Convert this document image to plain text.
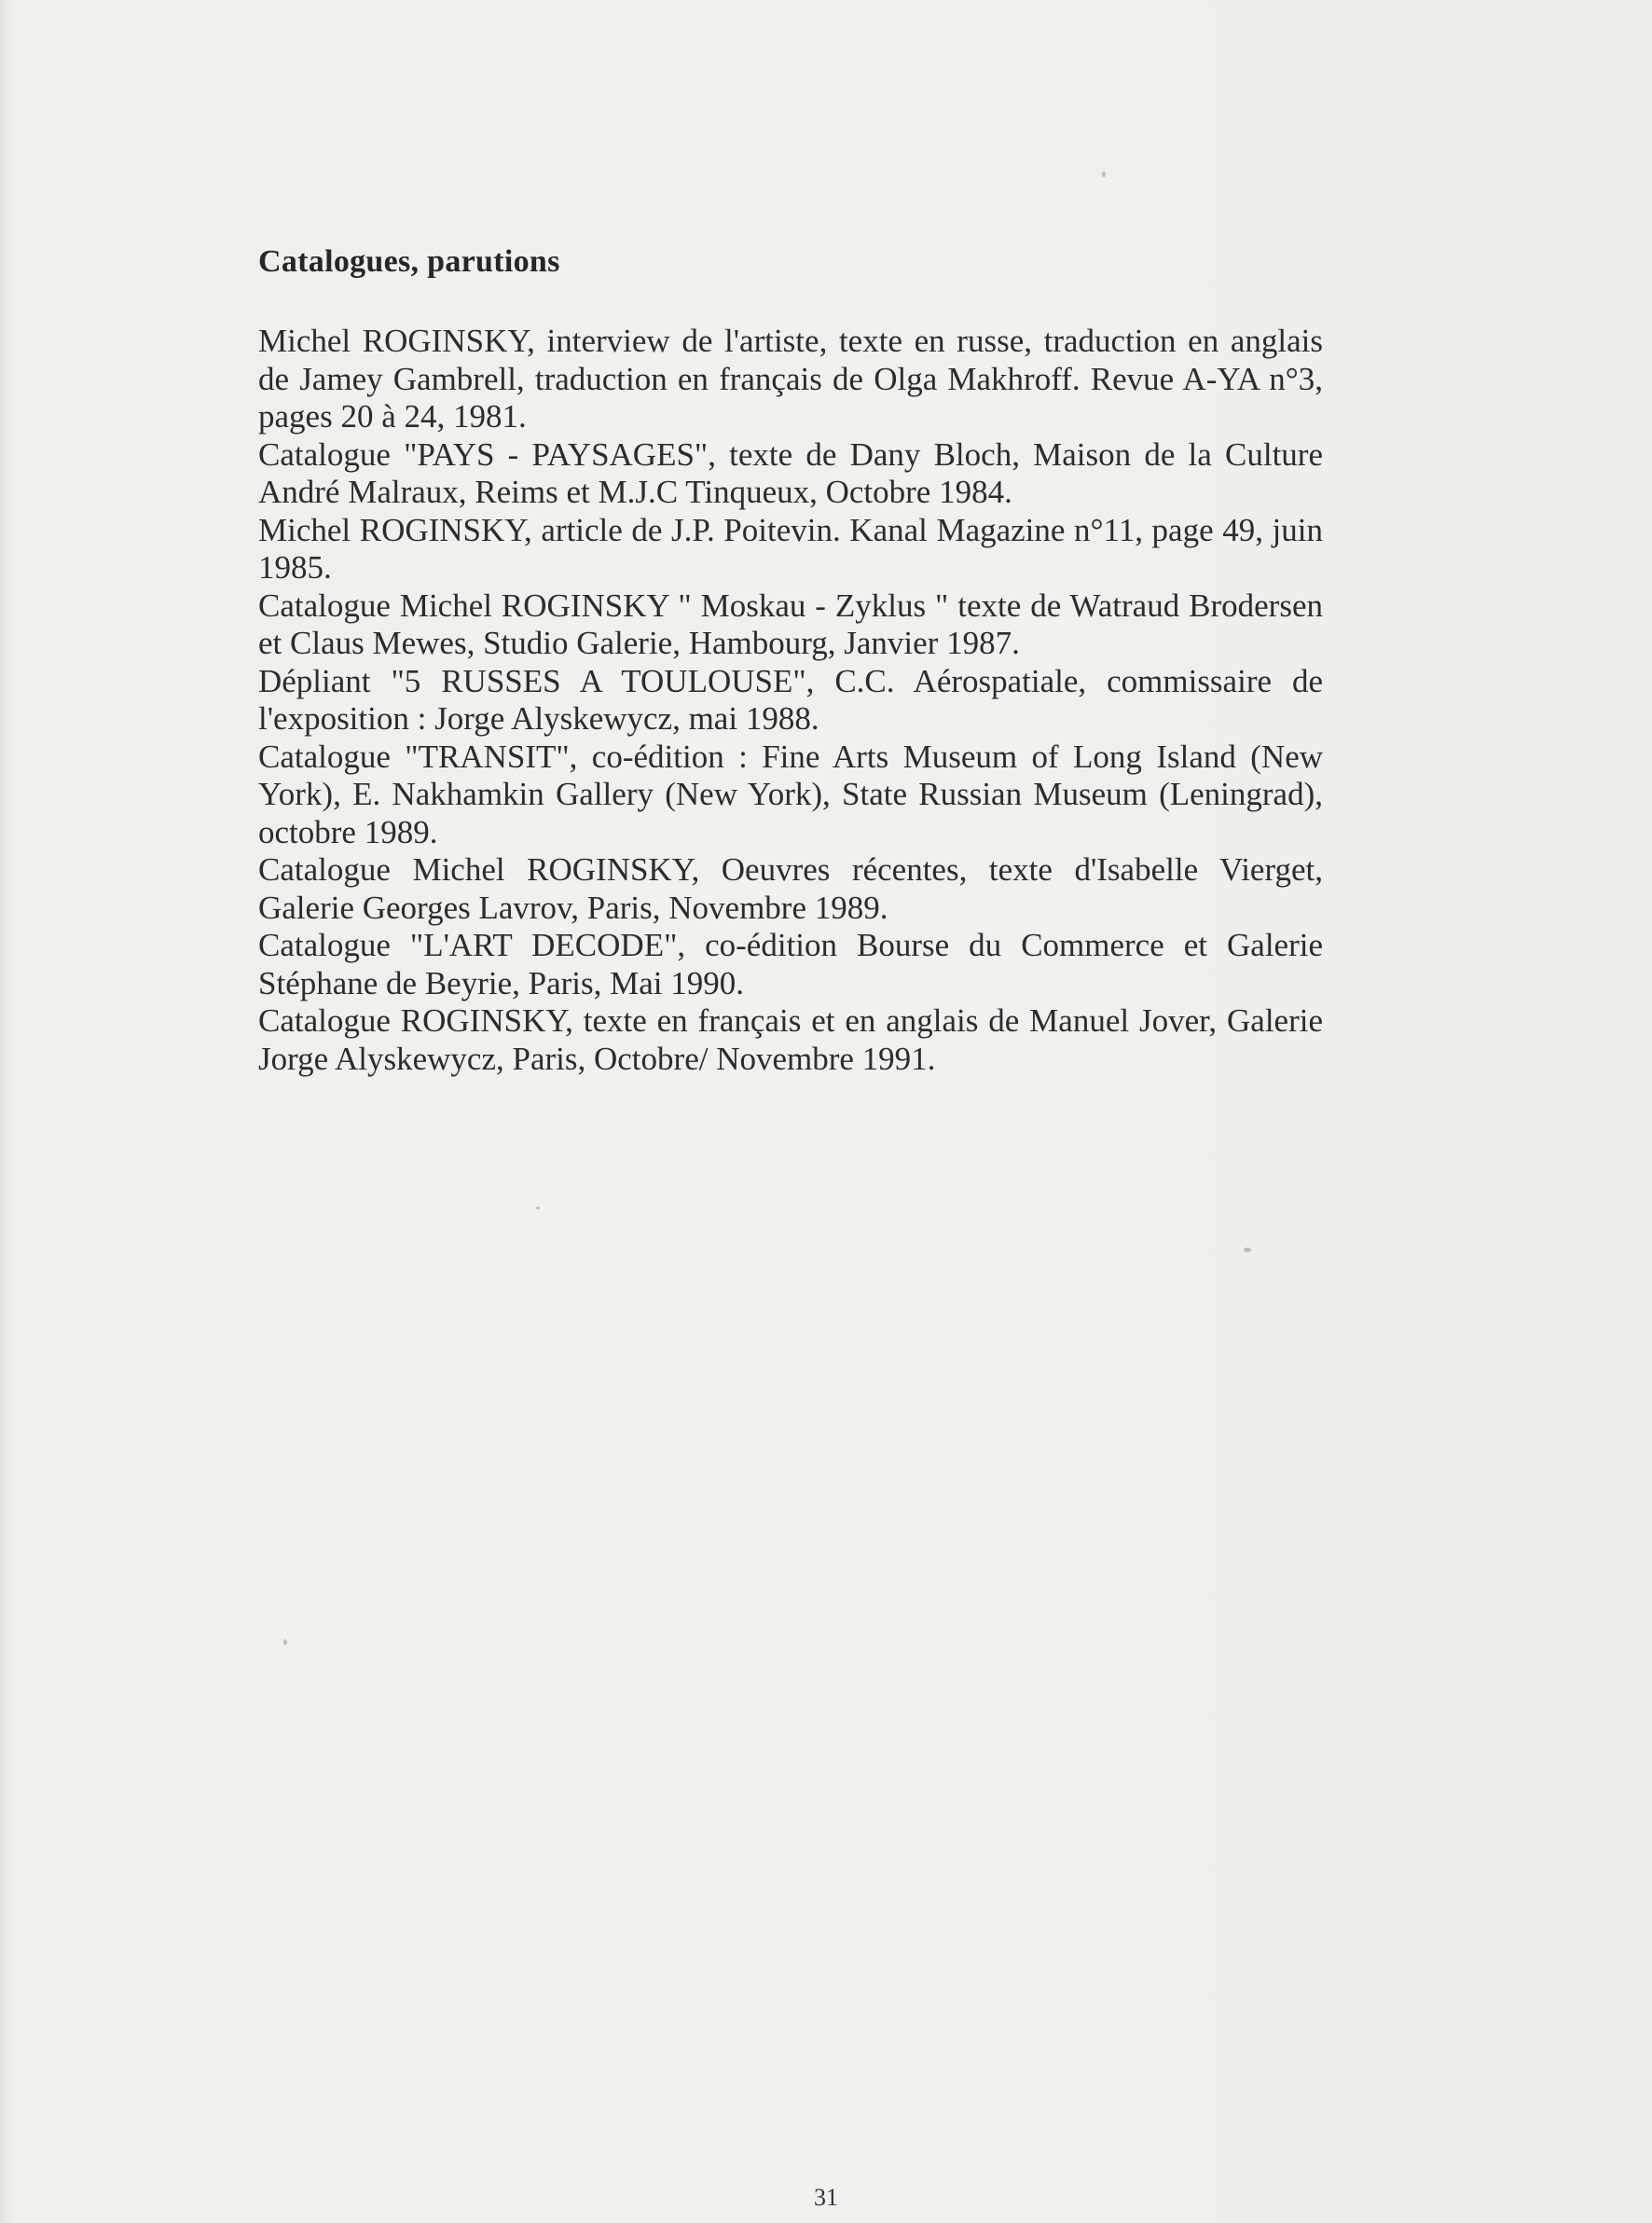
Catalogues, parutions
Michel ROGINSKY, interview de l'artiste, texte en russe, traduction en anglais de Jamey Gambrell, traduction en français de Olga Makhroff. Revue A-YA n°3, pages 20 à 24, 1981.
Catalogue "PAYS - PAYSAGES", texte de Dany Bloch, Maison de la Culture André Malraux, Reims et M.J.C Tinqueux, Octobre 1984.
Michel ROGINSKY, article de J.P. Poitevin. Kanal Magazine n°11, page 49, juin 1985.
Catalogue Michel ROGINSKY " Moskau - Zyklus " texte de Watraud Brodersen et Claus Mewes, Studio Galerie, Hambourg, Janvier 1987.
Dépliant "5 RUSSES A TOULOUSE", C.C. Aérospatiale, commissaire de l'exposition : Jorge Alyskewycz, mai 1988.
Catalogue "TRANSIT", co-édition : Fine Arts Museum of Long Island (New York), E. Nakhamkin Gallery (New York), State Russian Museum (Leningrad), octobre 1989.
Catalogue Michel ROGINSKY, Oeuvres récentes, texte d'Isabelle Vierget, Galerie Georges Lavrov, Paris, Novembre 1989.
Catalogue "L'ART DECODE", co-édition Bourse du Commerce et Galerie Stéphane de Beyrie, Paris, Mai 1990.
Catalogue ROGINSKY, texte en français et en anglais de Manuel Jover, Galerie Jorge Alyskewycz, Paris, Octobre/ Novembre 1991.
31
